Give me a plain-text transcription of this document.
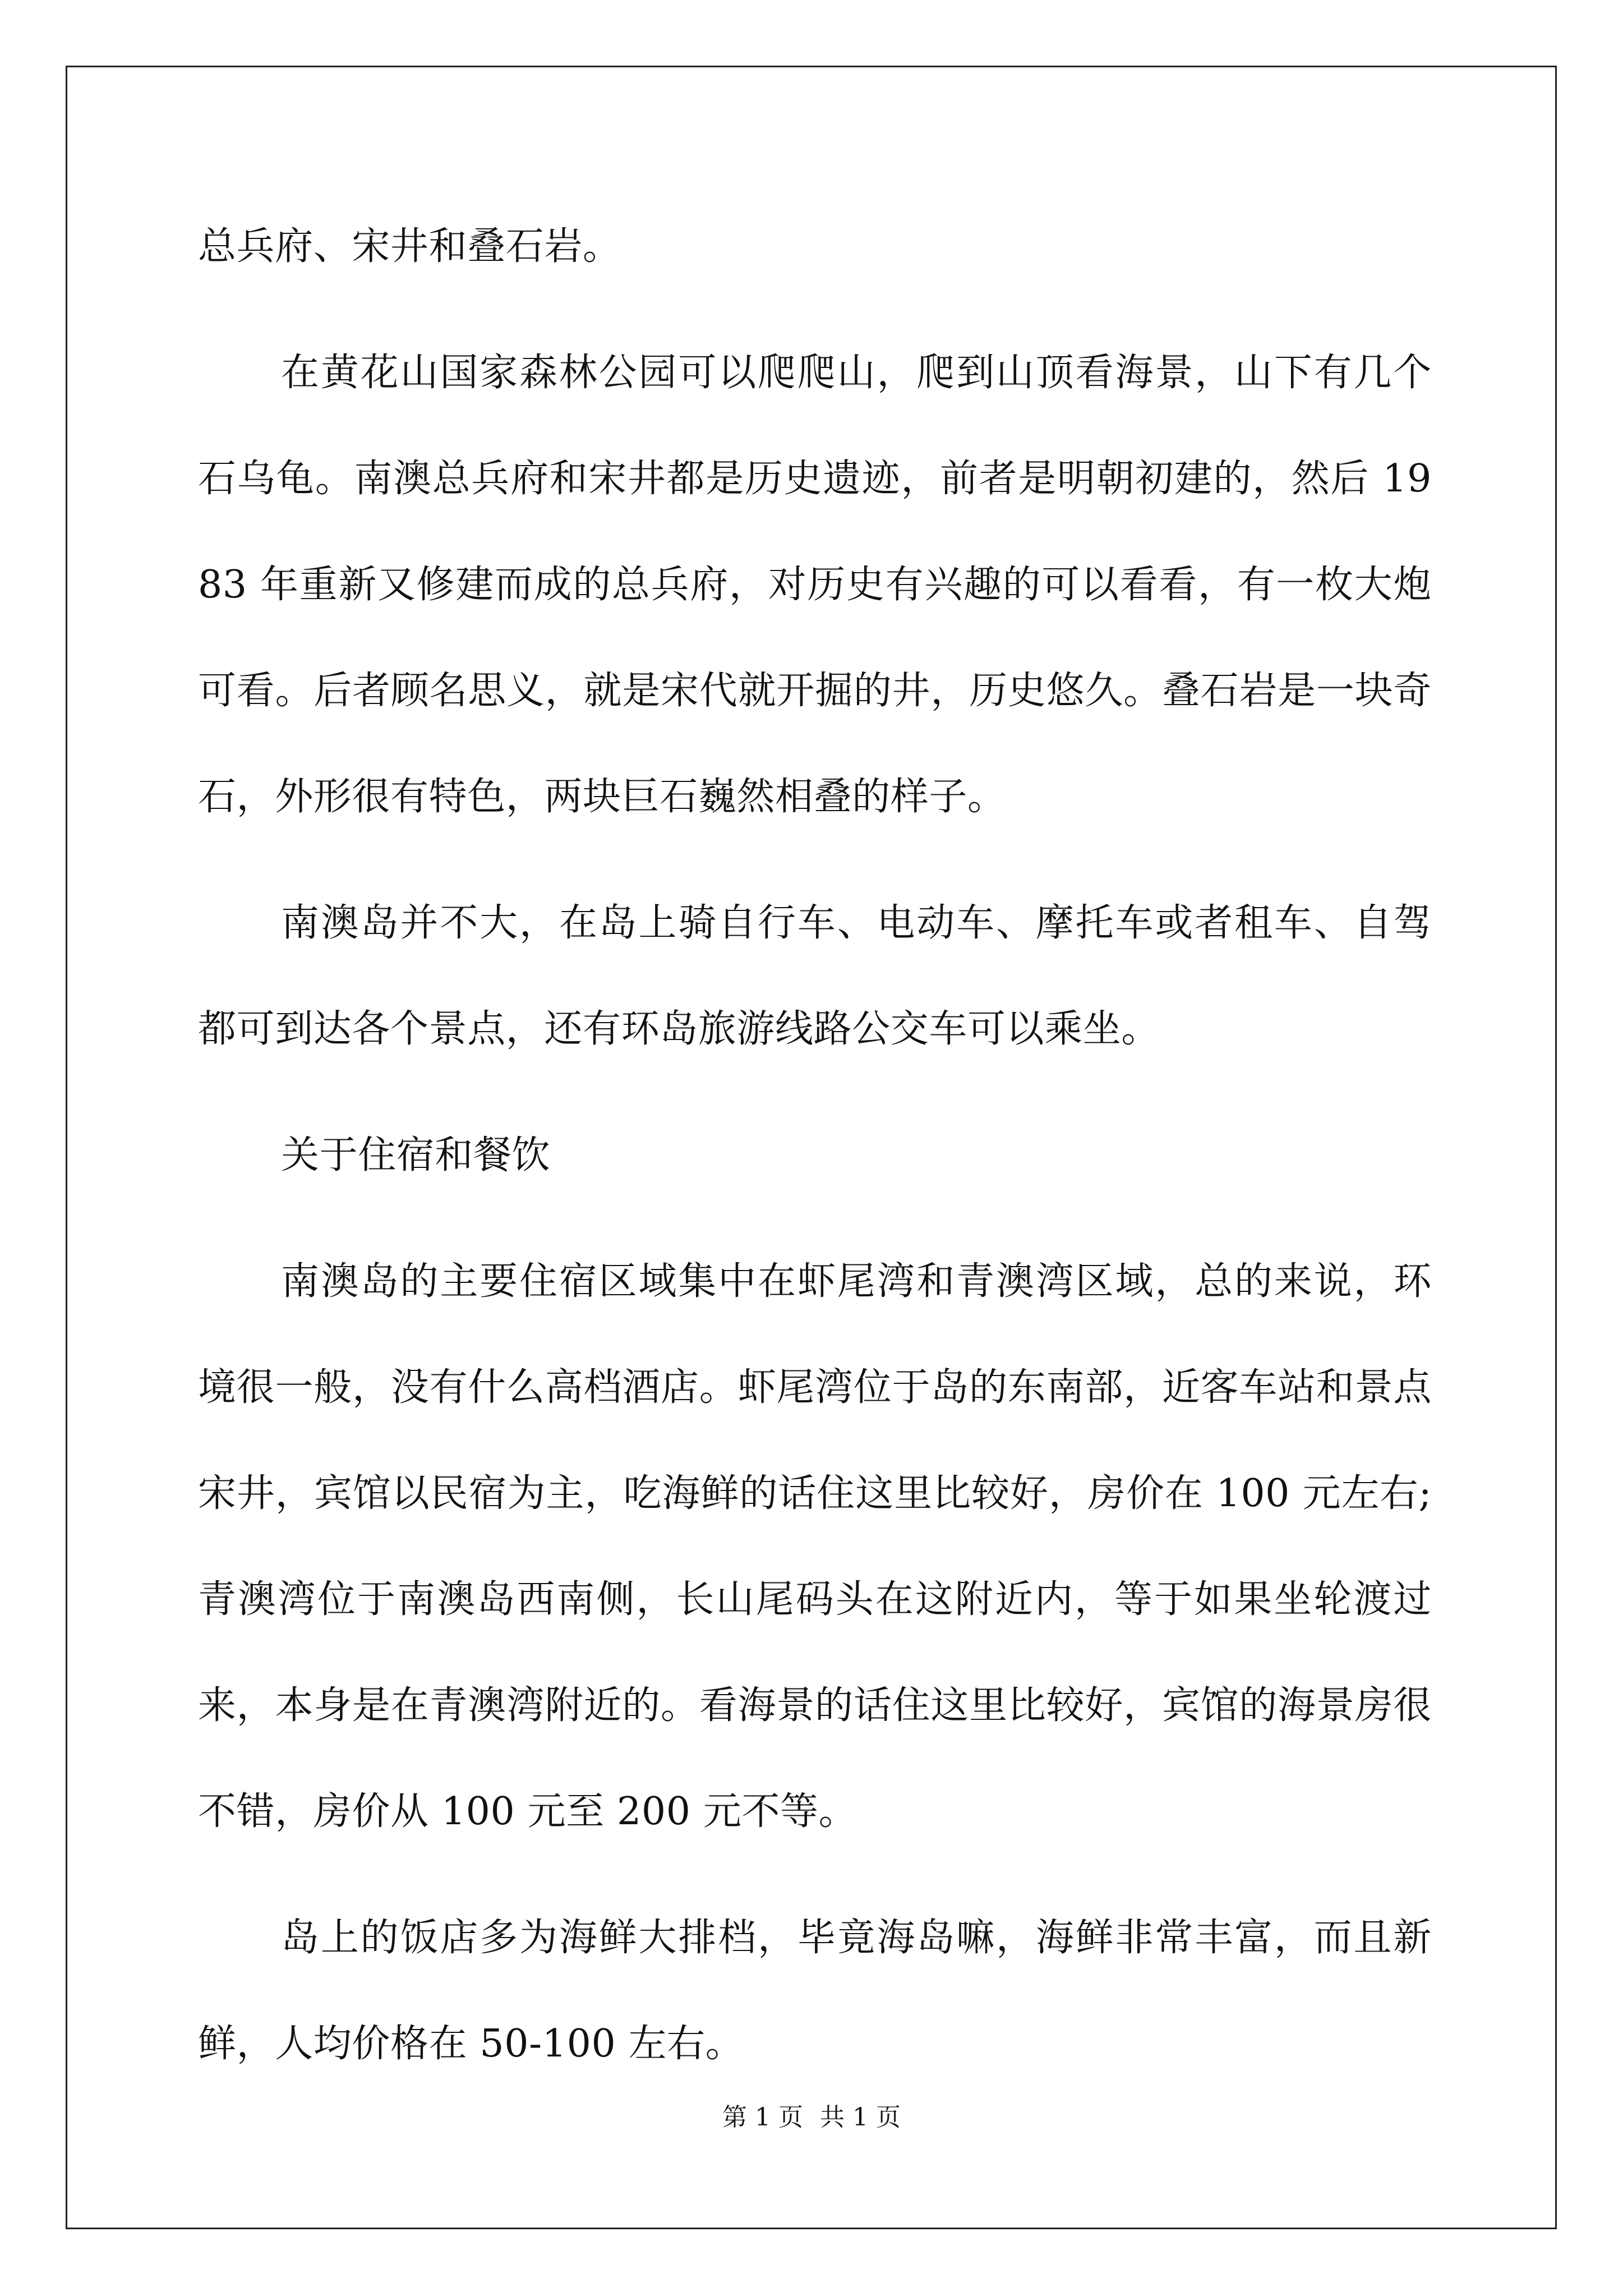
总兵府、宋井和叠石岩。

在黄花山国家森林公园可以爬爬山，爬到山顶看海景，山下有几个石乌龟。南澳总兵府和宋井都是历史遗迹，前者是明朝初建的，然后 1983 年重新又修建而成的总兵府，对历史有兴趣的可以看看，有一枚大炮可看。后者顾名思义，就是宋代就开掘的井，历史悠久。叠石岩是一块奇石，外形很有特色，两块巨石巍然相叠的样子。

南澳岛并不大，在岛上骑自行车、电动车、摩托车或者租车、自驾都可到达各个景点，还有环岛旅游线路公交车可以乘坐。

关于住宿和餐饮

南澳岛的主要住宿区域集中在虾尾湾和青澳湾区域，总的来说，环境很一般，没有什么高档酒店。虾尾湾位于岛的东南部，近客车站和景点宋井，宾馆以民宿为主，吃海鲜的话住这里比较好，房价在 100 元左右;青澳湾位于南澳岛西南侧，长山尾码头在这附近内，等于如果坐轮渡过来，本身是在青澳湾附近的。看海景的话住这里比较好，宾馆的海景房很不错，房价从 100 元至 200 元不等。

岛上的饭店多为海鲜大排档，毕竟海岛嘛，海鲜非常丰富，而且新鲜，人均价格在 50-100 左右。

第 1 页 共 1 页
